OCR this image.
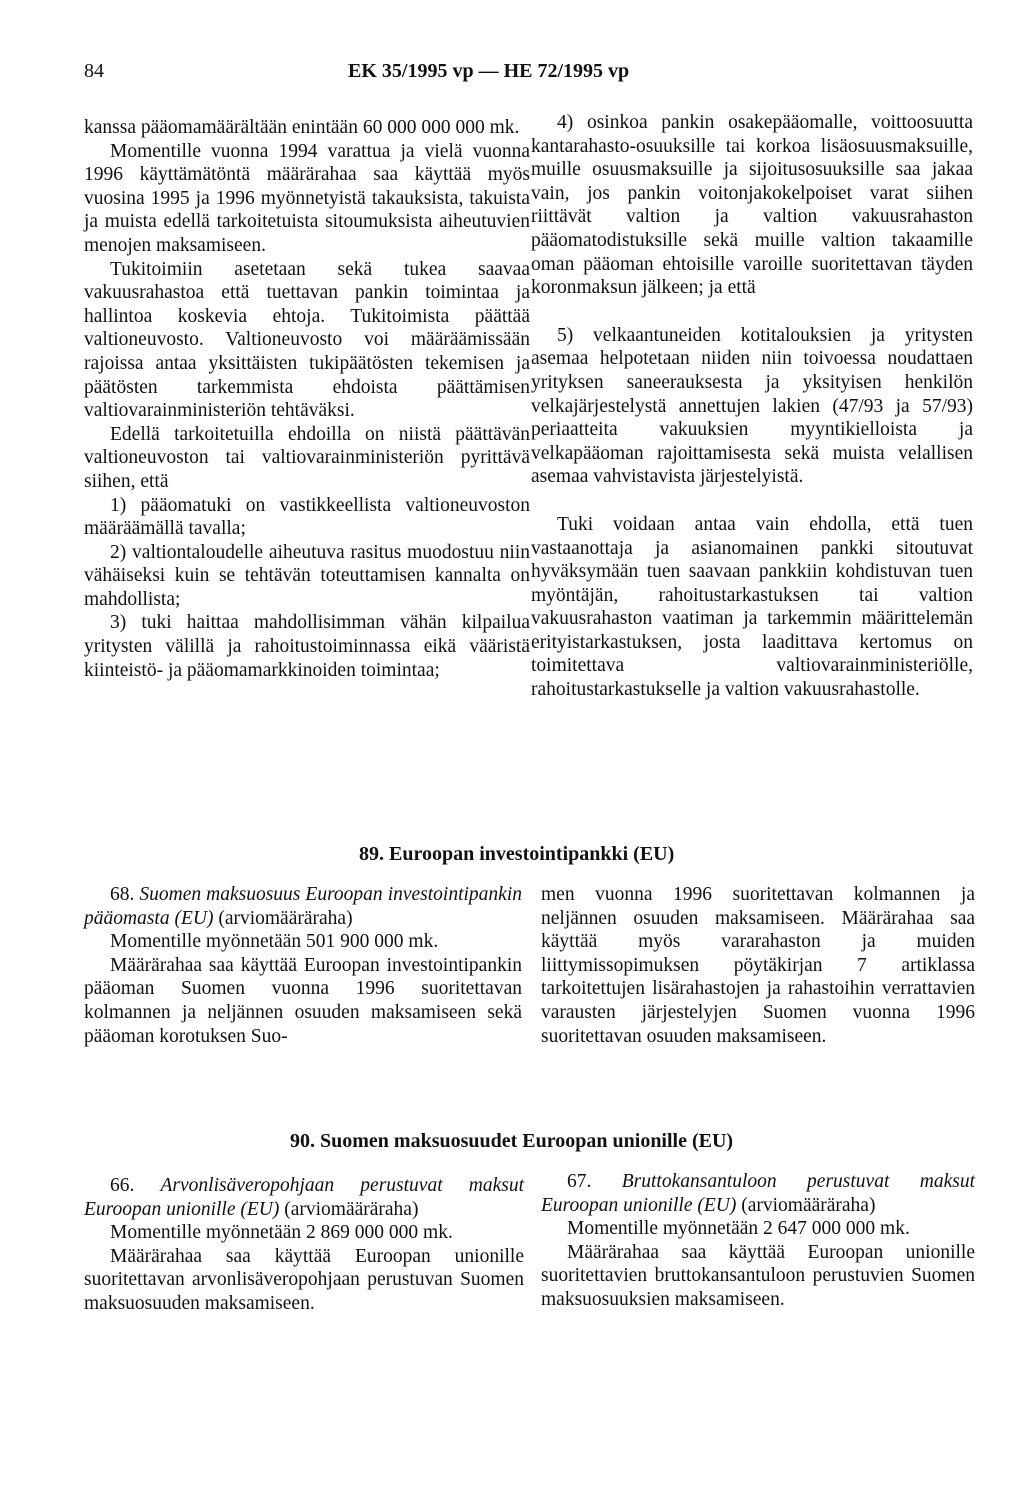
84	EK 35/1995 vp — HE 72/1995 vp

kanssa pääomamäärältään enintään 60 000 000 000 mk.

Momentille vuonna 1994 varattua ja vielä vuonna 1996 käyttämätöntä määrärahaa saa käyttää myös vuosina 1995 ja 1996 myönnetyistä takauksista, takuista ja muista edellä tarkoitetuista sitoumuksista aiheutuvien menojen maksamiseen.

Tukitoimiin asetetaan sekä tukea saavaa vakuusrahastoa että tuettavan pankin toimintaa ja hallintoa koskevia ehtoja. Tukitoimista päättää valtioneuvosto. Valtioneuvosto voi määräämissään rajoissa antaa yksittäisten tukipäätösten tekemisen ja päätösten tarkemmista ehdoista päättämisen valtiovarainministeriön tehtäväksi.

Edellä tarkoitetuilla ehdoilla on niistä päättävän valtioneuvoston tai valtiovarainministeriön pyrittävä siihen, että

1) pääomatuki on vastikkeellista valtioneuvoston määräämällä tavalla;

2) valtiontaloudelle aiheutuva rasitus muodostuu niin vähäiseksi kuin se tehtävän toteuttamisen kannalta on mahdollista;

3) tuki haittaa mahdollisimman vähän kilpailua yritysten välillä ja rahoitustoiminnassa eikä vääristä kiinteistö- ja pääomamarkkinoiden toimintaa;

4) osinkoa pankin osakepääomalle, voittoosuutta kantarahasto-osuuksille tai korkoa lisäosuusmaksuille, muille osuusmaksuille ja sijoitusosuuksille saa jakaa vain, jos pankin voitonjakokelpoiset varat siihen riittävät valtion ja valtion vakuusrahaston pääomatodistuksille sekä muille valtion takaamille oman pääoman ehtoisille varoille suoritettavan täyden koronmaksun jälkeen; ja että

5) velkaantuneiden kotitalouksien ja yritysten asemaa helpotetaan niiden niin toivoessa noudattaen yrityksen saneerauksesta ja yksityisen henkilön velkajärjestelystä annettujen lakien (47/93 ja 57/93) periaatteita vakuuksien myyntikielloista ja velkapääoman rajoittamisesta sekä muista velallisen asemaa vahvistavista järjestelyistä.

Tuki voidaan antaa vain ehdolla, että tuen vastaanottaja ja asianomainen pankki sitoutuvat hyväksymään tuen saavaan pankkiin kohdistuvan tuen myöntäjän, rahoitustarkastuksen tai valtion vakuusrahaston vaatiman ja tarkemmin määrittelemän erityistarkastuksen, josta laadittava kertomus on toimitettava valtiovarainministeriölle, rahoitustarkastukselle ja valtion vakuusrahastolle.

89. Euroopan investointipankki (EU)

68. Suomen maksuosuus Euroopan investointipankin pääomasta (EU) (arviomääräraha)

Momentille myönnetään 501 900 000 mk.

Määrärahaa saa käyttää Euroopan investointipankin pääoman Suomen vuonna 1996 suoritettavan kolmannen ja neljännen osuuden maksamiseen sekä pääoman korotuksen Suo-

men vuonna 1996 suoritettavan kolmannen ja neljännen osuuden maksamiseen. Määrärahaa saa käyttää myös vararahaston ja muiden liittymissopimuksen pöytäkirjan 7 artiklassa tarkoitettujen lisärahastojen ja rahastoihin verrattavien varausten järjestelyjen Suomen vuonna 1996 suoritettavan osuuden maksamiseen.

90. Suomen maksuosuudet Euroopan unionille (EU)

66. Arvonlisäveropohjaan perustuvat maksut Euroopan unionille (EU) (arviomääräraha)

Momentille myönnetään 2 869 000 000 mk.

Määrärahaa saa käyttää Euroopan unionille suoritettavan arvonlisäveropohjaan perustuvan Suomen maksuosuuden maksamiseen.

67. Bruttokansantuloon perustuvat maksut Euroopan unionille (EU) (arviomääräraha)

Momentille myönnetään 2 647 000 000 mk.

Määrärahaa saa käyttää Euroopan unionille suoritettavien bruttokansantuloon perustuvien Suomen maksuosuuksien maksamiseen.
